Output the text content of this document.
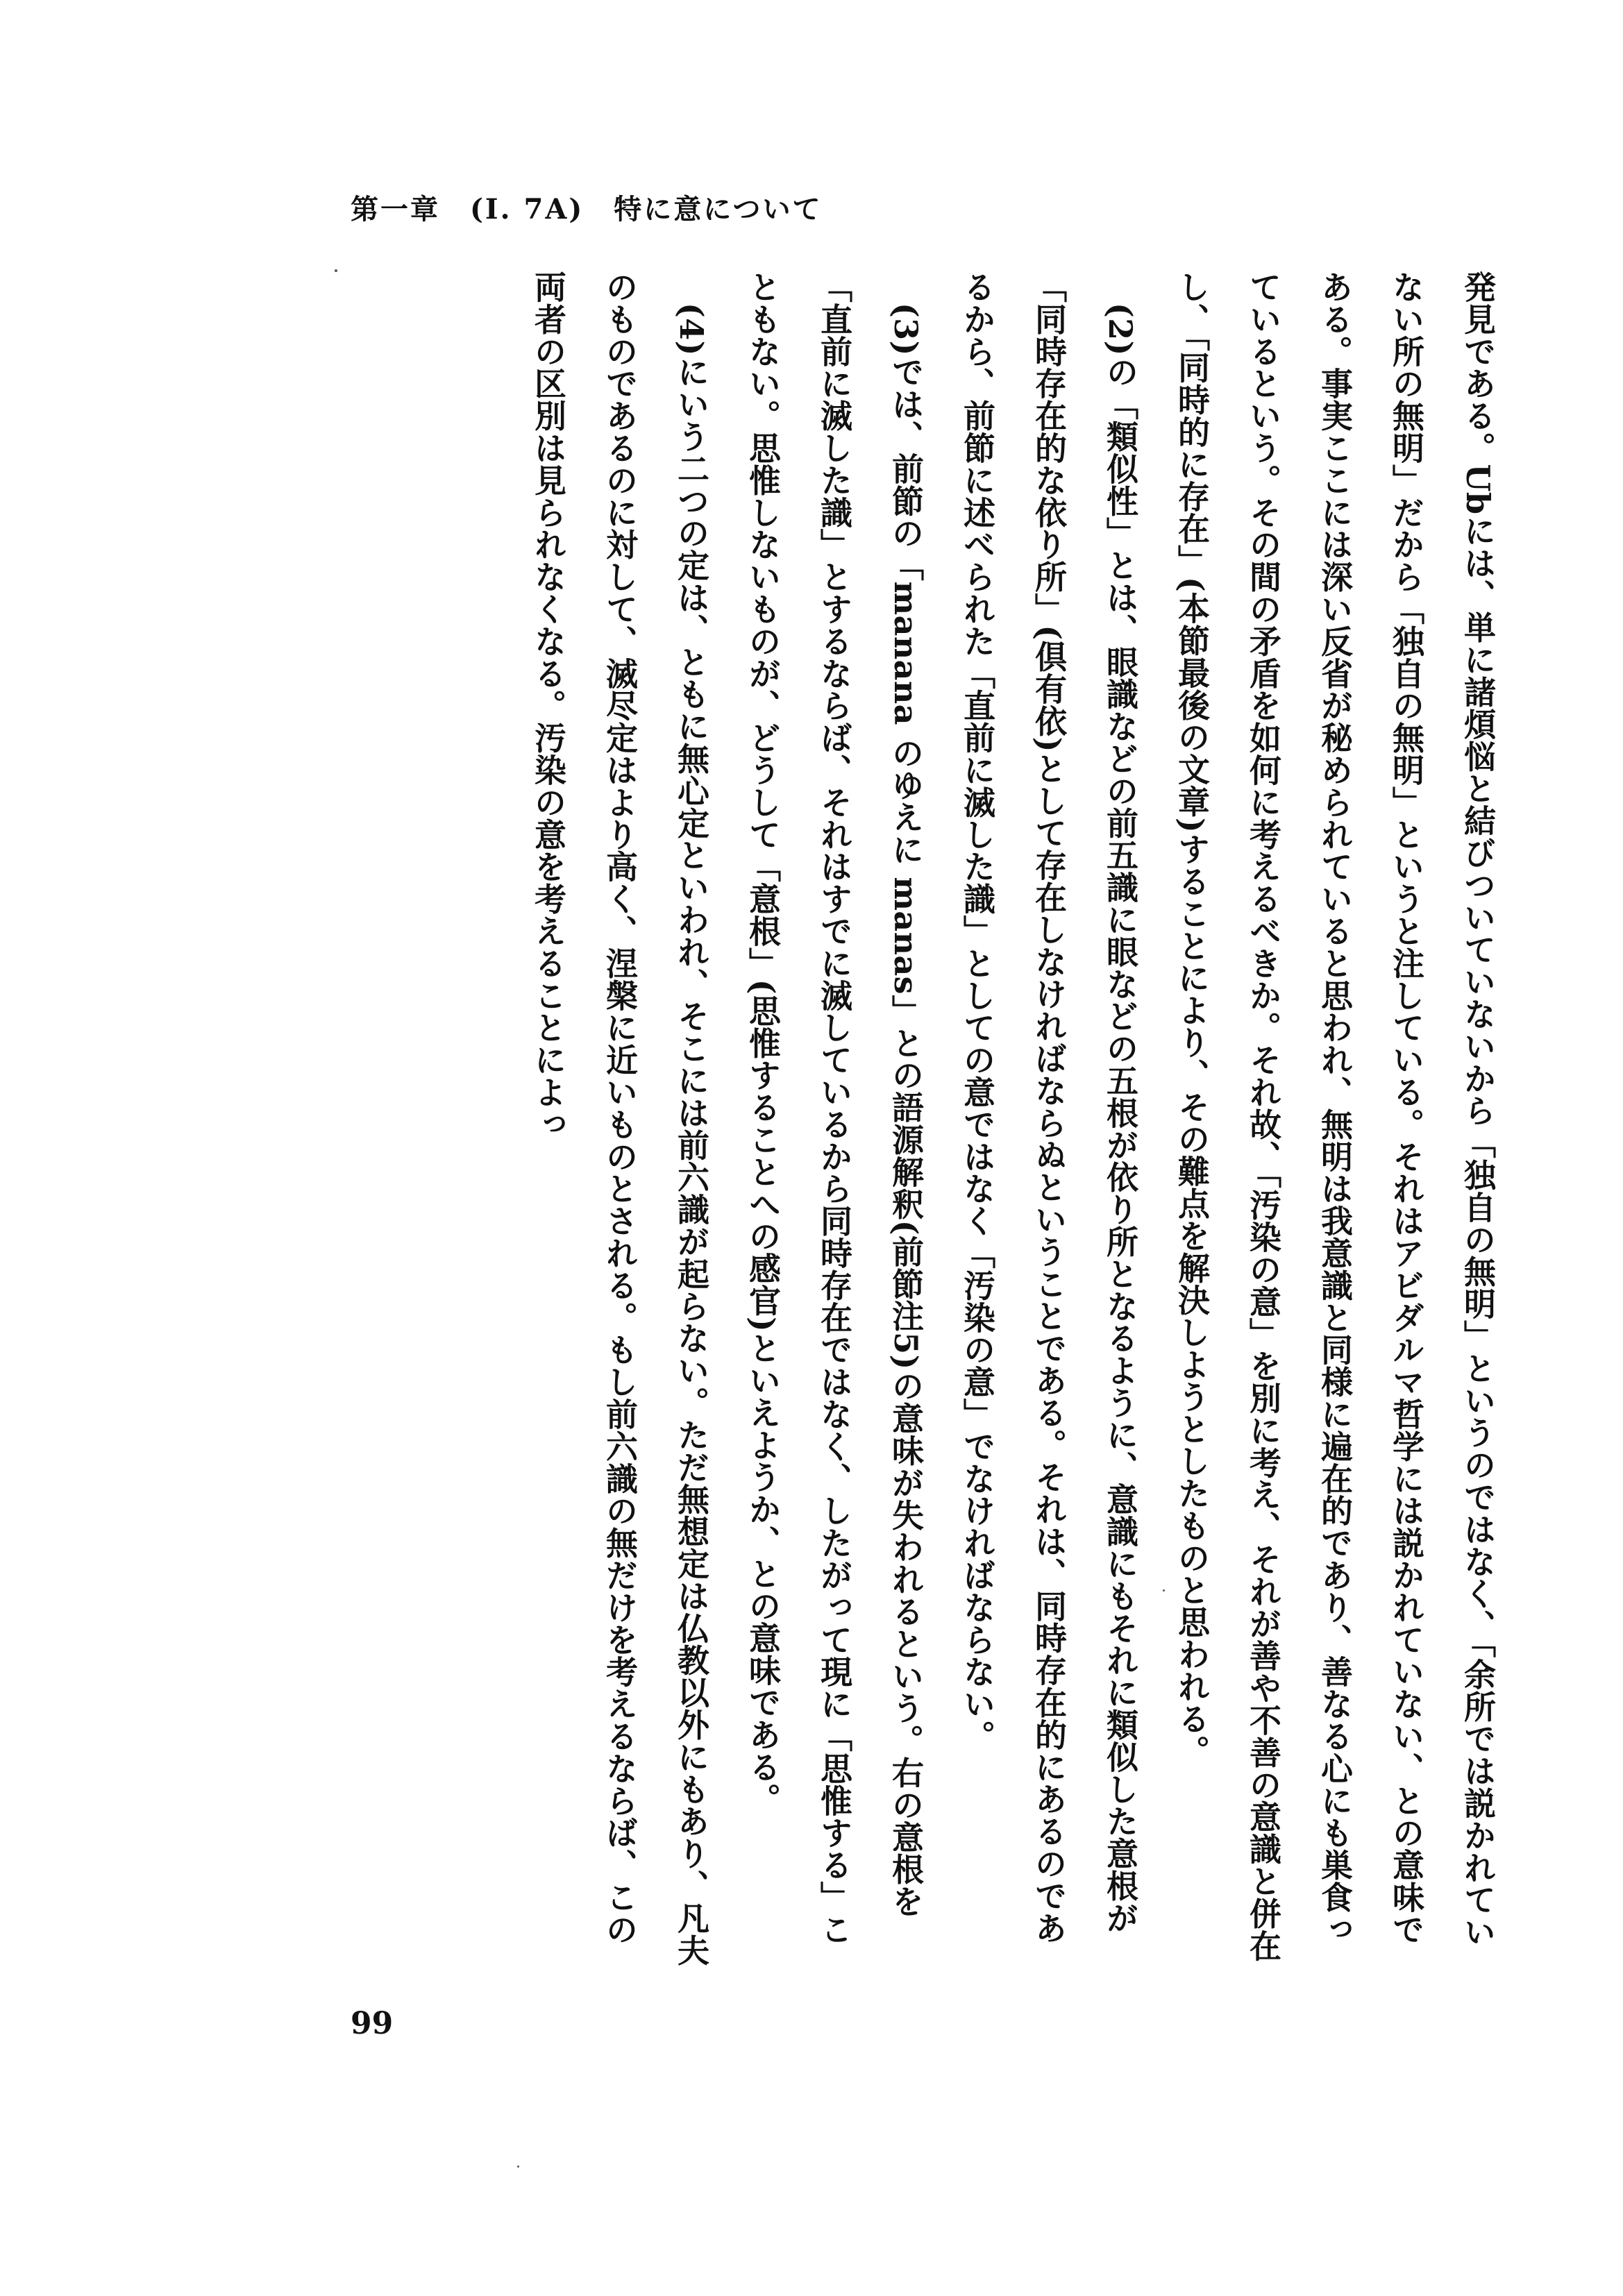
第一章　(I. 7A)　特に意について

発見である。Ubには、単に諸煩悩と結びついていないから「独自の無明」というのではなく、「余所では説かれていない所の無明」だから「独自の無明」というと注している。それはアビダルマ哲学には説かれていない、との意味である。事実ここには深い反省が秘められていると思われ、無明は我意識と同様に遍在的であり、善なる心にも巣食っているという。その間の矛盾を如何に考えるべきか。それ故、「汚染の意」を別に考え、それが善や不善の意識と併在し、「同時的に存在」(本節最後の文章)することにより、その難点を解決しようとしたものと思われる。

(2)の「類似性」とは、眼識などの前五識に眼などの五根が依り所となるように、意識にもそれに類似した意根が「同時存在的な依り所」(倶有依)として存在しなければならぬということである。それは、同時存在的にあるのであるから、前節に述べられた「直前に滅した識」としての意ではなく「汚染の意」でなければならない。

(3)では、前節の「manana のゆえに manas」との語源解釈(前節注5)の意味が失われるという。右の意根を「直前に滅した識」とするならば、それはすでに滅しているから同時存在ではなく、したがって現に「思惟する」こともない。思惟しないものが、どうして「意根」(思惟することへの感官)といえようか、との意味である。

(4)にいう二つの定は、ともに無心定といわれ、そこには前六識が起らない。ただ無想定は仏教以外にもあり、凡夫のものであるのに対して、滅尽定はより高く、涅槃に近いものとされる。もし前六識の無だけを考えるならば、この両者の区別は見られなくなる。汚染の意を考えることによっ

99
